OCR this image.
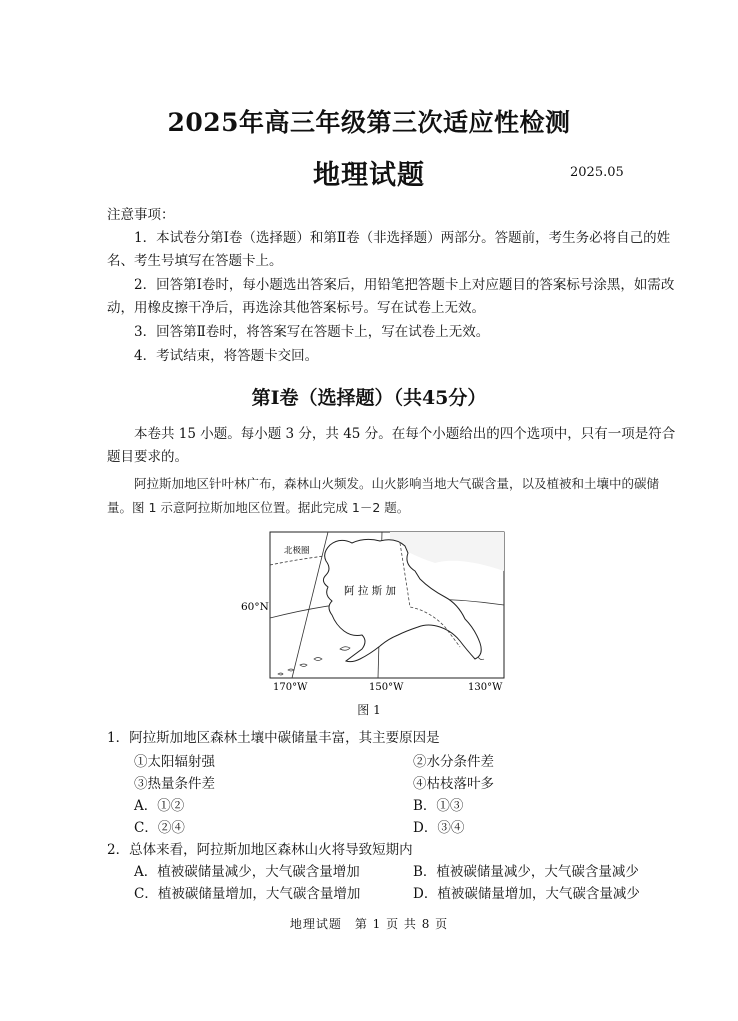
2025年高三年级第三次适应性检测
地理试题	2025.05
注意事项：
1．本试卷分第Ⅰ卷（选择题）和第Ⅱ卷（非选择题）两部分。答题前，考生务必将自己的姓名、考生号填写在答题卡上。
2．回答第Ⅰ卷时，每小题选出答案后，用铅笔把答题卡上对应题目的答案标号涂黑，如需改动，用橡皮擦干净后，再选涂其他答案标号。写在试卷上无效。
3．回答第Ⅱ卷时，将答案写在答题卡上，写在试卷上无效。
4．考试结束，将答题卡交回。
第Ⅰ卷（选择题）（共45分）
本卷共 15 小题。每小题 3 分，共 45 分。在每个小题给出的四个选项中，只有一项是符合题目要求的。
阿拉斯加地区针叶林广布，森林山火频发。山火影响当地大气碳含量，以及植被和土壤中的碳储量。图 1 示意阿拉斯加地区位置。据此完成 1－2 题。
北极圈
阿 拉 斯 加
60°N
170°W	150°W	130°W
图 1
1．阿拉斯加地区森林土壤中碳储量丰富，其主要原因是
①太阳辐射强	②水分条件差
③热量条件差	④枯枝落叶多
A．①②	B．①③
C．②④	D．③④
2．总体来看，阿拉斯加地区森林山火将导致短期内
A．植被碳储量减少，大气碳含量增加	B．植被碳储量减少，大气碳含量减少
C．植被碳储量增加，大气碳含量增加	D．植被碳储量增加，大气碳含量减少
地理试题　第 1 页 共 8 页
